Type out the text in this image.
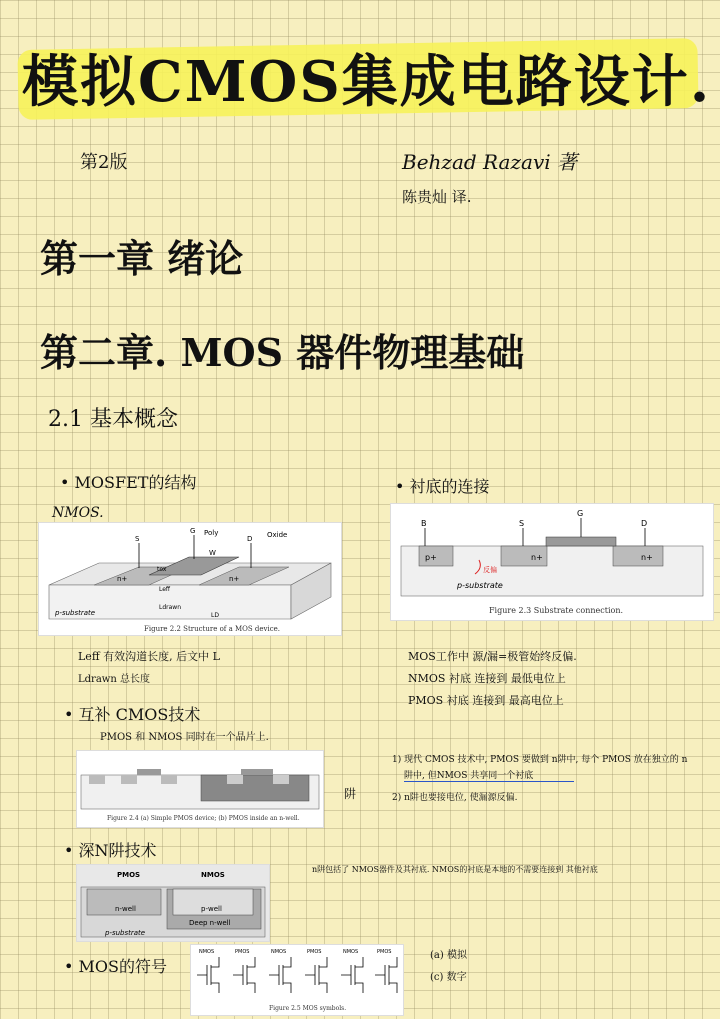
模拟CMOS集成电路设计.
第2版	Behzad Razavi 著
陈贵灿 译.
第一章 绪论
第二章. MOS 器件物理基础
2.1 基本概念
• MOSFET的结构
NMOS.
• 衬底的连接
S
G
D
Poly
W
Oxide
tox
n+	n+
Leff
Ldrawn
LD
p-substrate
Figure 2.2 Structure of a MOS device.
B	S
G
D
p+	n+	n+
p-substrate
反偏
Figure 2.3 Substrate connection.
Leff 有效沟道长度, 后文中 L
Ldrawn 总长度
MOS工作中 源/漏=极管始终反偏.
NMOS 衬底 连接到 最低电位上
PMOS 衬底 连接到 最高电位上
• 互补 CMOS技术
PMOS 和 NMOS 同时在一个晶片上.
Figure 2.4 (a) Simple PMOS device; (b) PMOS inside an n-well.
阱
1) 现代 CMOS 技术中, PMOS 要做到 n阱中, 每个 PMOS 放在独立的 n
阱中, 但NMOS 共享同一个衬底
2) n阱也要接电位, 使漏源反偏.
• 深N阱技术
n阱包括了 NMOS器件及其衬底. NMOS的衬底是本地的不需要连接到 其他衬底
PMOS	NMOS
n-well	p-well
Deep n-well
p-substrate
• MOS的符号
NMOS	PMOS	NMOS	PMOS	NMOS	PMOS
Figure 2.5 MOS symbols.
(a) 模拟
(c) 数字
